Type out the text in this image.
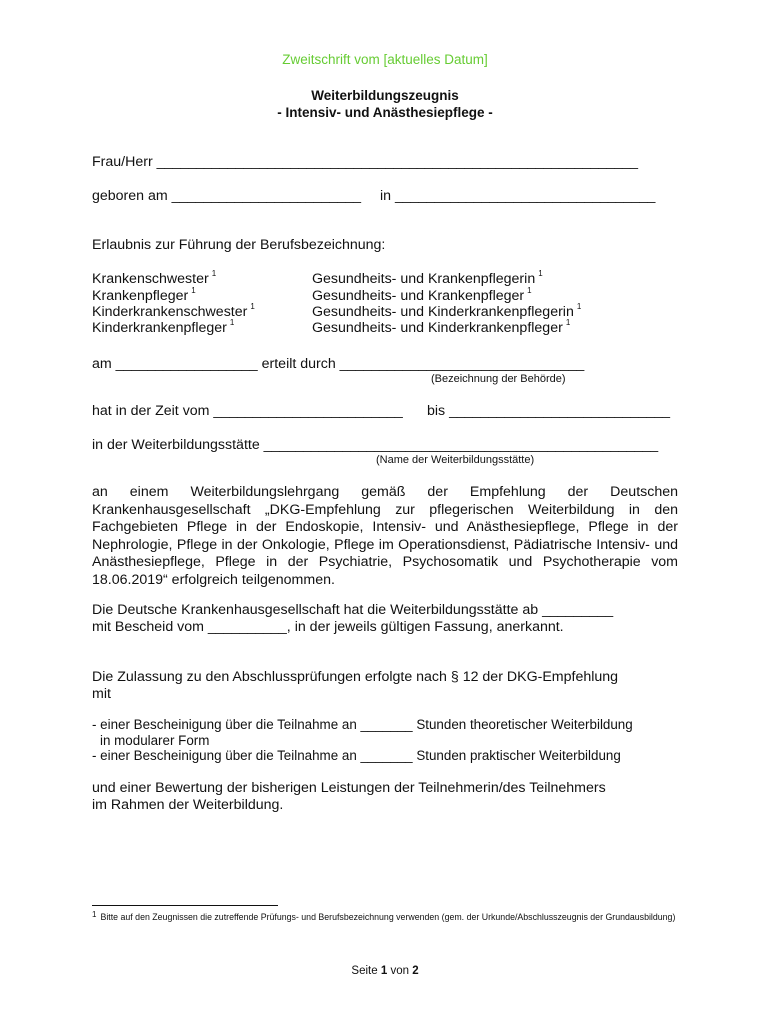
Zweitschrift vom [aktuelles Datum]
Weiterbildungszeugnis
- Intensiv- und Anästhesiepflege -
Frau/Herr _____________________________________________________________
geboren am ________________________ in _________________________________
Erlaubnis zur Führung der Berufsbezeichnung:
Krankenschwester $^1$
Krankenpfleger $^1$
Kinderkrankenschwester $^1$
Kinderkrankenpfleger $^1$
Gesundheits- und Krankenpflegerin $^1$
Gesundheits- und Krankenpfleger $^1$
Gesundheits- und Kinderkrankenpflegerin $^1$
Gesundheits- und Kinderkrankenpfleger $^1$
am __________________ erteilt durch _______________________________
(Bezeichnung der Behörde)
hat in der Zeit vom ________________________ bis ____________________________
in der Weiterbildungsstätte __________________________________________________
(Name der Weiterbildungsstätte)
an einem Weiterbildungslehrgang gemäß der Empfehlung der Deutschen Krankenhausgesellschaft „DKG-Empfehlung zur pflegerischen Weiterbildung in den Fachgebieten Pflege in der Endoskopie, Intensiv- und Anästhesiepflege, Pflege in der Nephrologie, Pflege in der Onkologie, Pflege im Operationsdienst, Pädiatrische Intensiv- und Anästhesiepflege, Pflege in der Psychiatrie, Psychosomatik und Psychotherapie vom 18.06.2019“ erfolgreich teilgenommen.
Die Deutsche Krankenhausgesellschaft hat die Weiterbildungsstätte ab _________
mit Bescheid vom __________, in der jeweils gültigen Fassung, anerkannt.
Die Zulassung zu den Abschlussprüfungen erfolgte nach § 12 der DKG-Empfehlung
mit
- einer Bescheinigung über die Teilnahme an _______ Stunden theoretischer Weiterbildung
in modularer Form
- einer Bescheinigung über die Teilnahme an _______ Stunden praktischer Weiterbildung
und einer Bewertung der bisherigen Leistungen der Teilnehmerin/des Teilnehmers
im Rahmen der Weiterbildung.
1 Bitte auf den Zeugnissen die zutreffende Prüfungs- und Berufsbezeichnung verwenden (gem. der Urkunde/Abschlusszeugnis der Grundausbildung)
Seite 1 von 2
